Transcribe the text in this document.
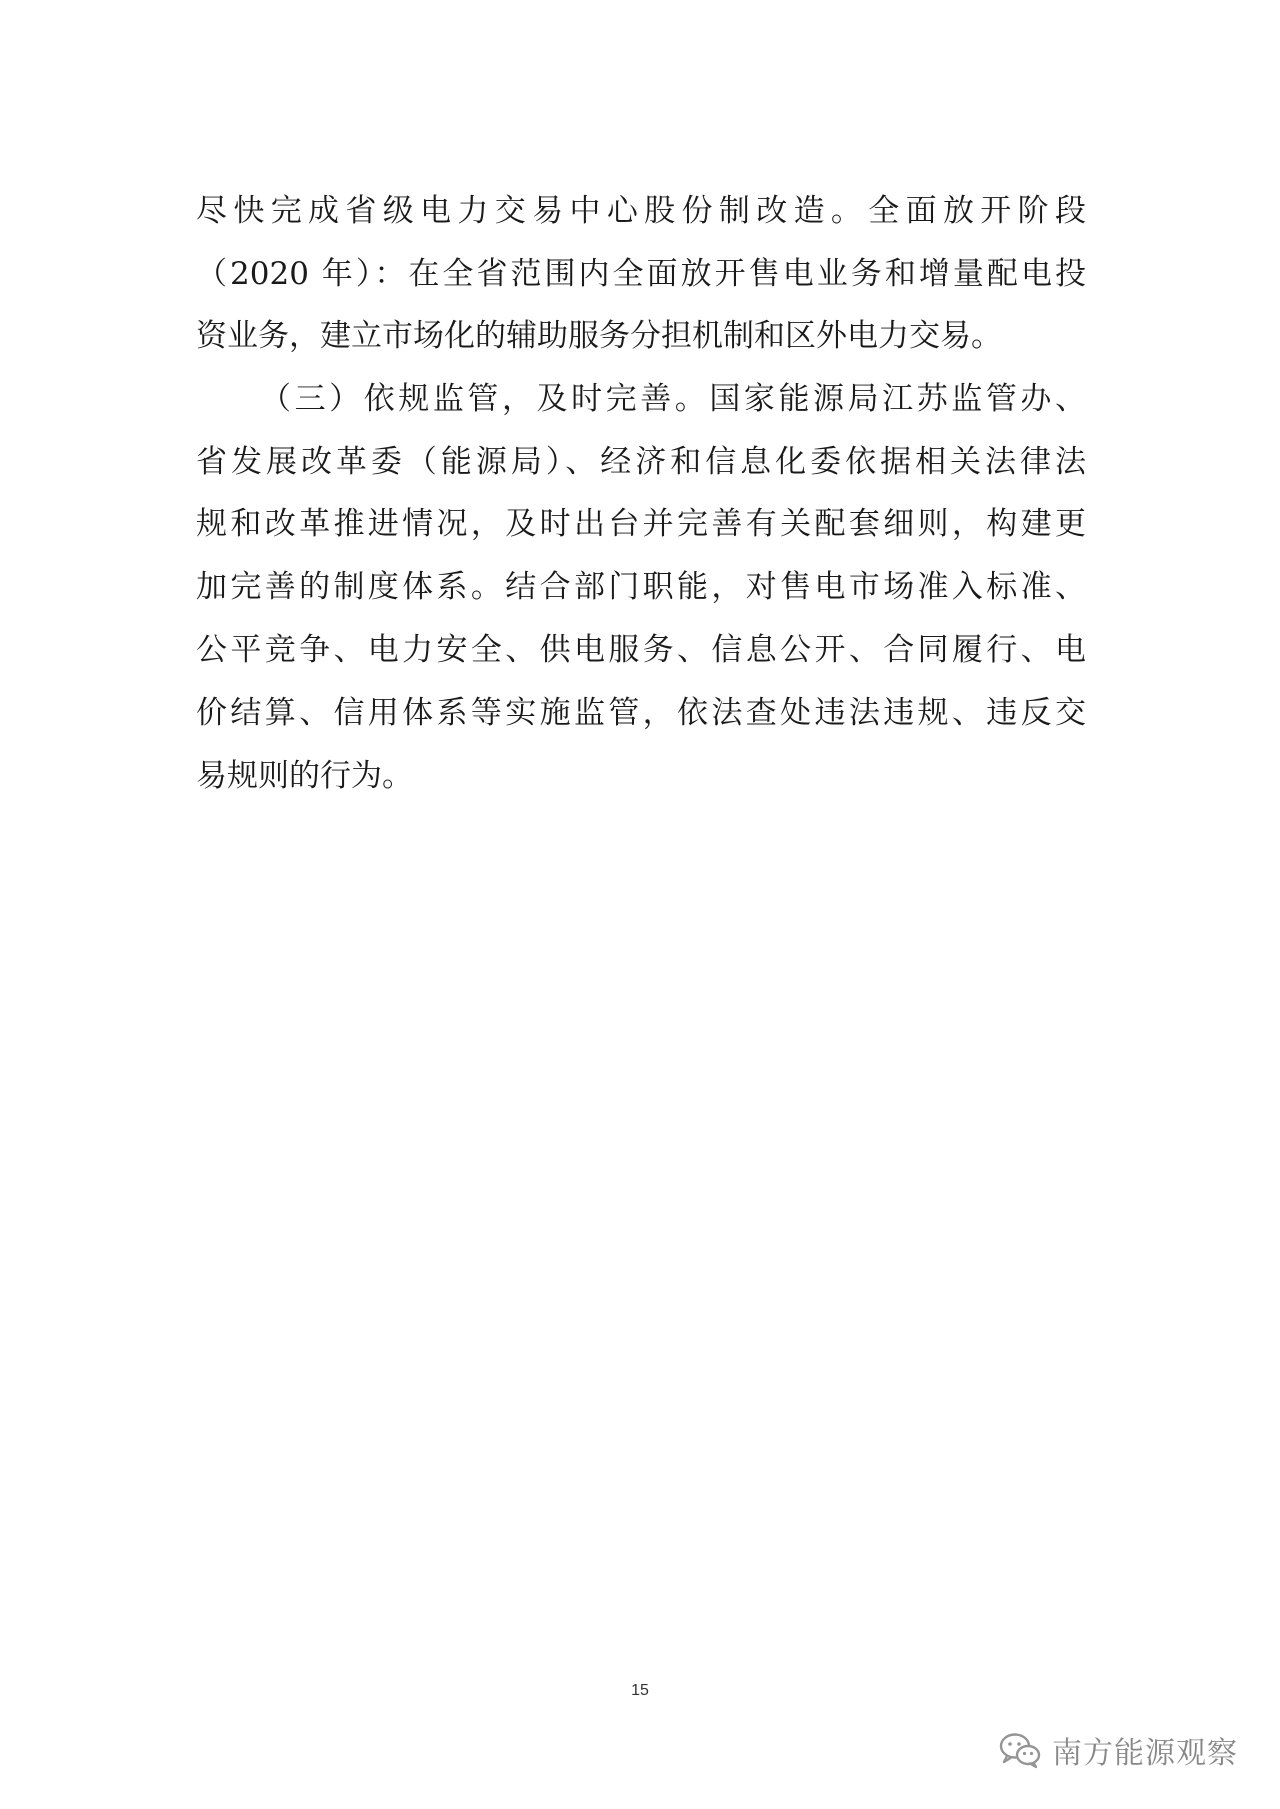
尽快完成省级电力交易中心股份制改造。全面放开阶段
（2020 年）：在全省范围内全面放开售电业务和增量配电投
资业务，建立市场化的辅助服务分担机制和区外电力交易。
（三）依规监管，及时完善。国家能源局江苏监管办、
省发展改革委（能源局）、经济和信息化委依据相关法律法
规和改革推进情况，及时出台并完善有关配套细则，构建更
加完善的制度体系。结合部门职能，对售电市场准入标准、
公平竞争、电力安全、供电服务、信息公开、合同履行、电
价结算、信用体系等实施监管，依法查处违法违规、违反交
易规则的行为。
15
南方能源观察
